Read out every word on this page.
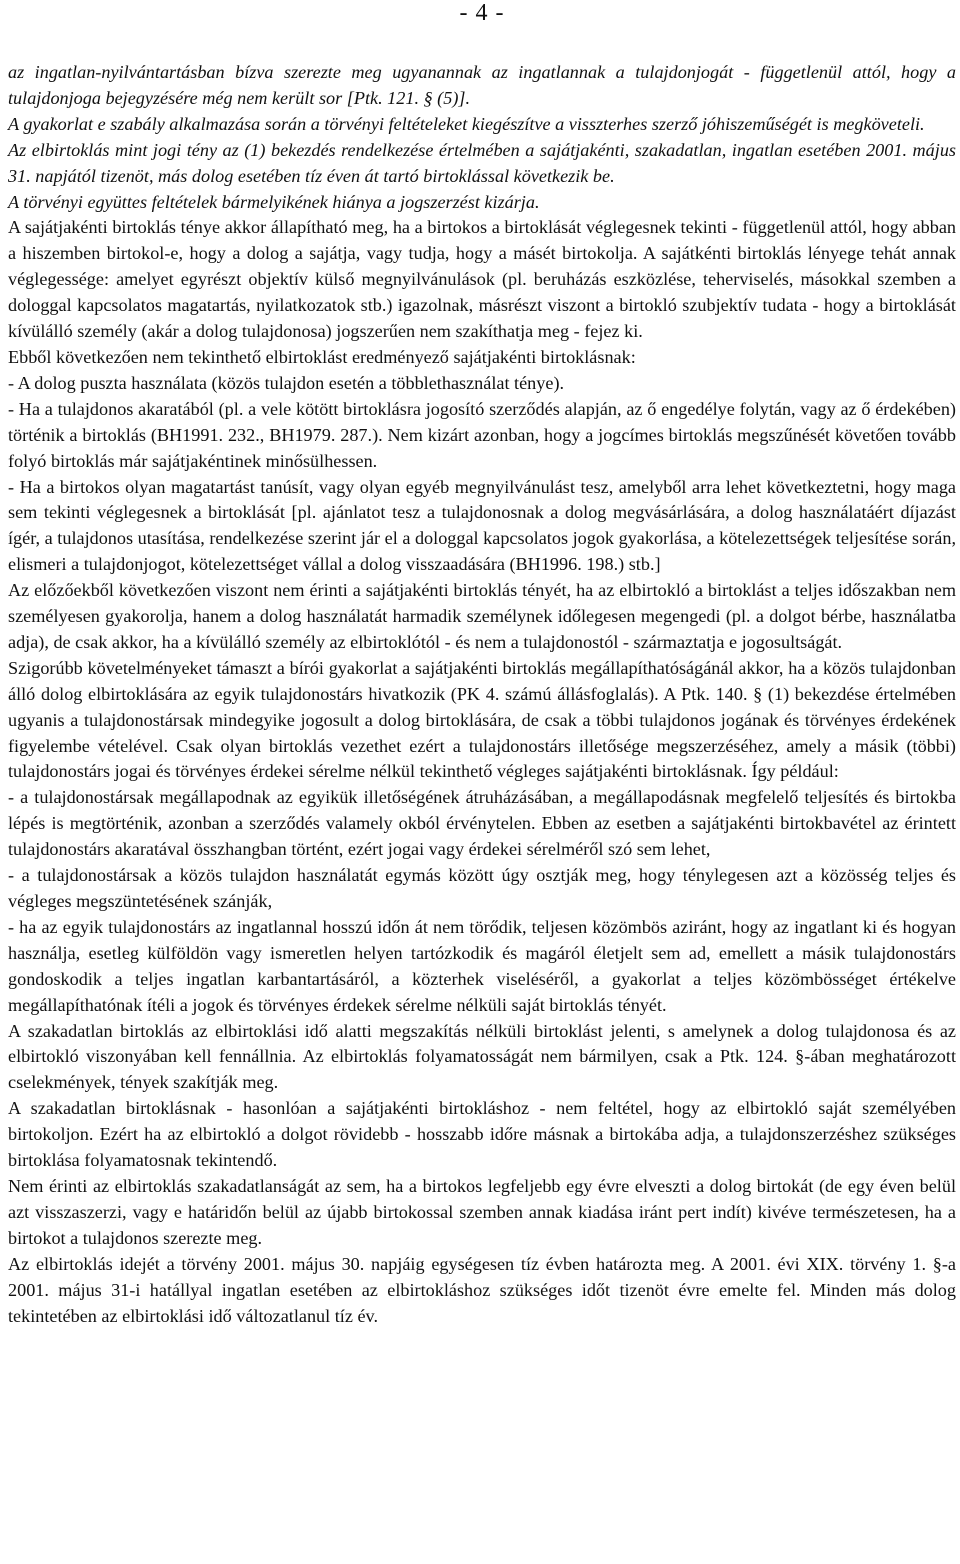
- 4 -

az ingatlan-nyilvántartásban bízva szerezte meg ugyanannak az ingatlannak a tulajdonjogát - függetlenül attól, hogy a tulajdonjoga bejegyzésére még nem került sor [Ptk. 121. § (5)].

A gyakorlat e szabály alkalmazása során a törvényi feltételeket kiegészítve a visszterhes szerző jóhiszeműségét is megköveteli.

Az elbirtoklás mint jogi tény az (1) bekezdés rendelkezése értelmében a sajátjakénti, szakadatlan, ingatlan esetében 2001. május 31. napjától tizenöt, más dolog esetében tíz éven át tartó birtoklással következik be.

A törvényi együttes feltételek bármelyikének hiánya a jogszerzést kizárja.

A sajátjakénti birtoklás ténye akkor állapítható meg, ha a birtokos a birtoklását véglegesnek tekinti - függetlenül attól, hogy abban a hiszemben birtokol-e, hogy a dolog a sajátja, vagy tudja, hogy a másét birtokolja. A sajátkénti birtoklás lényege tehát annak véglegessége: amelyet egyrészt objektív külső megnyilvánulások (pl. beruházás eszközlése, teherviselés, másokkal szemben a dologgal kapcsolatos magatartás, nyilatkozatok stb.) igazolnak, másrészt viszont a birtokló szubjektív tudata - hogy a birtoklását kívülálló személy (akár a dolog tulajdonosa) jogszerűen nem szakíthatja meg - fejez ki.

Ebből következően nem tekinthető elbirtoklást eredményező sajátjakénti birtoklásnak:

- A dolog puszta használata (közös tulajdon esetén a többlethasználat ténye).

- Ha a tulajdonos akaratából (pl. a vele kötött birtoklásra jogosító szerződés alapján, az ő engedélye folytán, vagy az ő érdekében) történik a birtoklás (BH1991. 232., BH1979. 287.). Nem kizárt azonban, hogy a jogcímes birtoklás megszűnését követően tovább folyó birtoklás már sajátjakéntinek minősülhessen.

- Ha a birtokos olyan magatartást tanúsít, vagy olyan egyéb megnyilvánulást tesz, amelyből arra lehet következtetni, hogy maga sem tekinti véglegesnek a birtoklását [pl. ajánlatot tesz a tulajdonosnak a dolog megvásárlására, a dolog használatáért díjazást ígér, a tulajdonos utasítása, rendelkezése szerint jár el a dologgal kapcsolatos jogok gyakorlása, a kötelezettségek teljesítése során, elismeri a tulajdonjogot, kötelezettséget vállal a dolog visszaadására (BH1996. 198.) stb.]

Az előzőekből következően viszont nem érinti a sajátjakénti birtoklás tényét, ha az elbirtokló a birtoklást a teljes időszakban nem személyesen gyakorolja, hanem a dolog használatát harmadik személynek időlegesen megengedi (pl. a dolgot bérbe, használatba adja), de csak akkor, ha a kívülálló személy az elbirtoklótól - és nem a tulajdonostól - származtatja e jogosultságát.

Szigorúbb követelményeket támaszt a bírói gyakorlat a sajátjakénti birtoklás megállapíthatóságánál akkor, ha a közös tulajdonban álló dolog elbirtoklására az egyik tulajdonostárs hivatkozik (PK 4. számú állásfoglalás). A Ptk. 140. § (1) bekezdése értelmében ugyanis a tulajdonostársak mindegyike jogosult a dolog birtoklására, de csak a többi tulajdonos jogának és törvényes érdekének figyelembe vételével. Csak olyan birtoklás vezethet ezért a tulajdonostárs illetősége megszerzéséhez, amely a másik (többi) tulajdonostárs jogai és törvényes érdekei sérelme nélkül tekinthető végleges sajátjakénti birtoklásnak. Így például:

- a tulajdonostársak megállapodnak az egyikük illetőségének átruházásában, a megállapodásnak megfelelő teljesítés és birtokba lépés is megtörténik, azonban a szerződés valamely okból érvénytelen. Ebben az esetben a sajátjakénti birtokbavétel az érintett tulajdonostárs akaratával összhangban történt, ezért jogai vagy érdekei sérelméről szó sem lehet,

- a tulajdonostársak a közös tulajdon használatát egymás között úgy osztják meg, hogy ténylegesen azt a közösség teljes és végleges megszüntetésének szánják,

- ha az egyik tulajdonostárs az ingatlannal hosszú időn át nem törődik, teljesen közömbös aziránt, hogy az ingatlant ki és hogyan használja, esetleg külföldön vagy ismeretlen helyen tartózkodik és magáról életjelt sem ad, emellett a másik tulajdonostárs gondoskodik a teljes ingatlan karbantartásáról, a közterhek viseléséről, a gyakorlat a teljes közömbösséget értékelve megállapíthatónak ítéli a jogok és törvényes érdekek sérelme nélküli saját birtoklás tényét.

A szakadatlan birtoklás az elbirtoklási idő alatti megszakítás nélküli birtoklást jelenti, s amelynek a dolog tulajdonosa és az elbirtokló viszonyában kell fennállnia. Az elbirtoklás folyamatosságát nem bármilyen, csak a Ptk. 124. §-ában meghatározott cselekmények, tények szakítják meg.

A szakadatlan birtoklásnak - hasonlóan a sajátjakénti birtokláshoz - nem feltétel, hogy az elbirtokló saját személyében birtokoljon. Ezért ha az elbirtokló a dolgot rövidebb - hosszabb időre másnak a birtokába adja, a tulajdonszerzéshez szükséges birtoklása folyamatosnak tekintendő.

Nem érinti az elbirtoklás szakadatlanságát az sem, ha a birtokos legfeljebb egy évre elveszti a dolog birtokát (de egy éven belül azt visszaszerzi, vagy e határidőn belül az újabb birtokossal szemben annak kiadása iránt pert indít) kivéve természetesen, ha a birtokot a tulajdonos szerezte meg.

Az elbirtoklás idejét a törvény 2001. május 30. napjáig egységesen tíz évben határozta meg. A 2001. évi XIX. törvény 1. §-a 2001. május 31-i hatállyal ingatlan esetében az elbirtokláshoz szükséges időt tizenöt évre emelte fel. Minden más dolog tekintetében az elbirtoklási idő változatlanul tíz év.
